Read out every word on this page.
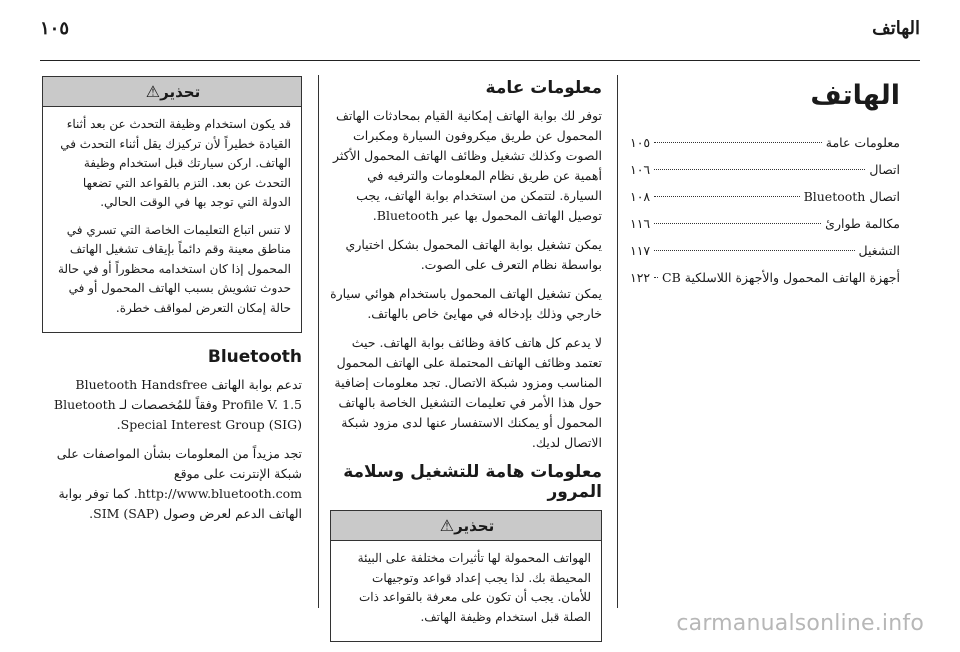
١٠٥	الهاتف
الهاتف
معلومات عامة
١٠٥
اتصال
١٠٦
اتصال Bluetooth
١٠٨
مكالمة طوارئ
١١٦
التشغيل
١١٧
أجهزة الهاتف المحمول والأجهزة اللاسلكية CB
١٢٢
معلومات عامة

توفر لك بوابة الهاتف إمكانية القيام بمحادثات الهاتف المحمول عن طريق ميكروفون السيارة ومكبرات الصوت وكذلك تشغيل وظائف الهاتف المحمول الأكثر أهمية عن طريق نظام المعلومات والترفيه في السيارة. لتتمكن من استخدام بوابة الهاتف، يجب توصيل الهاتف المحمول بها عبر Bluetooth.

يمكن تشغيل بوابة الهاتف المحمول بشكل اختياري بواسطة نظام التعرف على الصوت.

يمكن تشغيل الهاتف المحمول باستخدام هوائي سيارة خارجي وذلك بإدخاله في مهايئ خاص بالهاتف.

لا يدعم كل هاتف كافة وظائف بوابة الهاتف. حيث تعتمد وظائف الهاتف المحتملة على الهاتف المحمول المناسب ومزود شبكة الاتصال. تجد معلومات إضافية حول هذا الأمر في تعليمات التشغيل الخاصة بالهاتف المحمول أو يمكنك الاستفسار عنها لدى مزود شبكة الاتصال لديك.

معلومات هامة للتشغيل وسلامة المرور
تحذير⚠

الهواتف المحمولة لها تأثيرات مختلفة على البيئة المحيطة بك. لذا يجب إعداد قواعد وتوجيهات للأمان. يجب أن تكون على معرفة بالقواعد ذات الصلة قبل استخدام وظيفة الهاتف.

تحذير⚠

قد يكون استخدام وظيفة التحدث عن بعد أثناء القيادة خطيراً لأن تركيزك يقل أثناء التحدث في الهاتف. اركن سيارتك قبل استخدام وظيفة التحدث عن بعد. التزم بالقواعد التي تضعها الدولة التي توجد بها في الوقت الحالي.

لا تنس اتباع التعليمات الخاصة التي تسري في مناطق معينة وقم دائماً بإيقاف تشغيل الهاتف المحمول إذا كان استخدامه محظوراً أو في حالة حدوث تشويش بسبب الهاتف المحمول أو في حالة إمكان التعرض لمواقف خطرة.

Bluetooth

تدعم بوابة الهاتف Bluetooth Handsfree Profile V. 1.5 وفقاً للمُخصصات لـ Bluetooth Special Interest Group (SIG).

تجد مزيداً من المعلومات بشأن المواصفات على شبكة الإنترنت على موقع http://www.bluetooth.com. كما توفر بوابة الهاتف الدعم لعرض وصول SIM (SAP).

carmanualsonline.info
